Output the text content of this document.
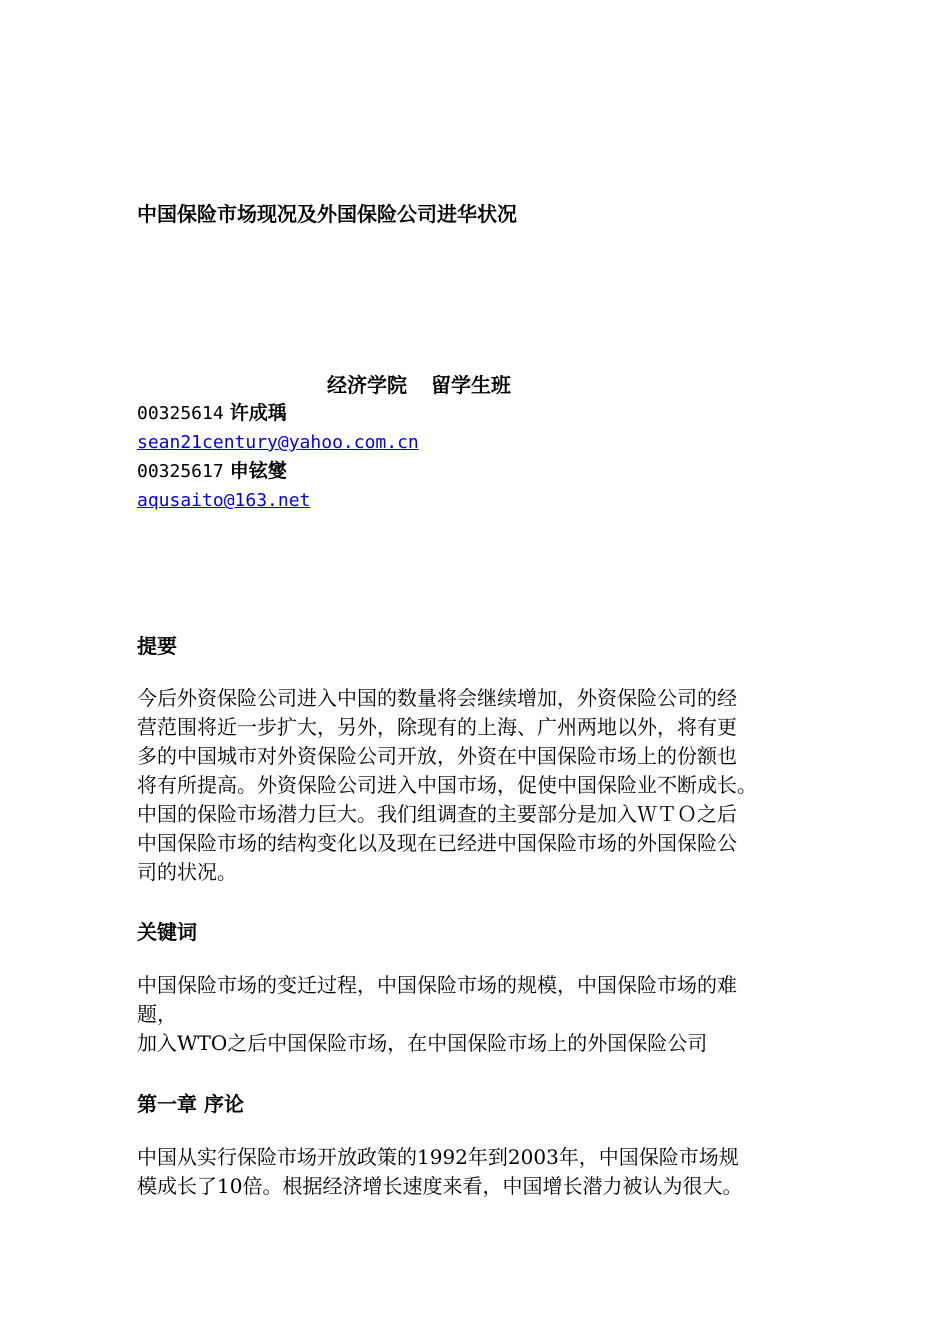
中国保险市场现况及外国保险公司进华状况
经济学院 留学生班
00325614 许成瑀
sean21century@yahoo.com.cn
00325617 申铉燮
aqusaito@163.net
提要
今后外资保险公司进入中国的数量将会继续增加，外资保险公司的经
营范围将近一步扩大，另外，除现有的上海、广州两地以外，将有更
多的中国城市对外资保险公司开放，外资在中国保险市场上的份额也
将有所提高。外资保险公司进入中国市场，促使中国保险业不断成长。
中国的保险市场潜力巨大。我们组调查的主要部分是加入ＷＴＯ之后
中国保险市场的结构变化以及现在已经进中国保险市场的外国保险公
司的状况。
关键词
中国保险市场的变迁过程，中国保险市场的规模，中国保险市场的难
题，
加入WTO之后中国保险市场，在中国保险市场上的外国保险公司
第一章 序论
中国从实行保险市场开放政策的1992年到2003年，中国保险市场规
模成长了10倍。根据经济增长速度来看，中国增长潜力被认为很大。
